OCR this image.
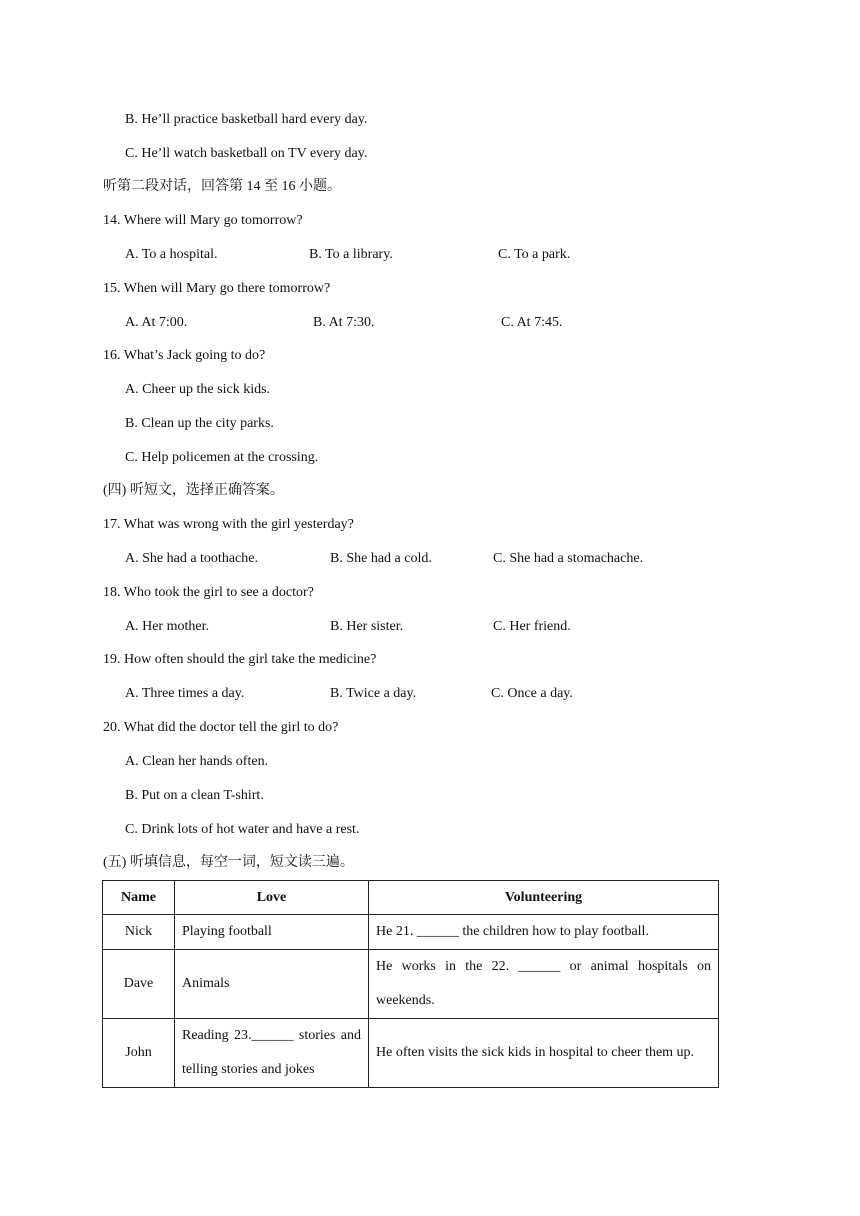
B. He’ll practice basketball hard every day.
C. He’ll watch basketball on TV every day.
听第二段对话，回答第 14 至 16 小题。
14. Where will Mary go tomorrow?
A. To a hospital.	B. To a library.	C. To a park.
15. When will Mary go there tomorrow?
A. At 7:00.	B. At 7:30.	C. At 7:45.
16. What’s Jack going to do?
A. Cheer up the sick kids.
B. Clean up the city parks.
C. Help policemen at the crossing.
(四) 听短文，选择正确答案。
17. What was wrong with the girl yesterday?
A. She had a toothache.	B. She had a cold.	C. She had a stomachache.
18. Who took the girl to see a doctor?
A. Her mother.	B. Her sister.	C. Her friend.
19. How often should the girl take the medicine?
A. Three times a day.	B. Twice a day.	C. Once a day.
20. What did the doctor tell the girl to do?
A. Clean her hands often.
B. Put on a clean T-shirt.
C. Drink lots of hot water and have a rest.
(五) 听填信息，每空一词，短文读三遍。
Name	Love	Volunteering
Nick	Playing football	He 21. ______ the children how to play football.
Dave	Animals	He works in the 22. ______ or animal hospitals on weekends.
John	Reading 23.______ stories and telling stories and jokes	He often visits the sick kids in hospital to cheer them up.
